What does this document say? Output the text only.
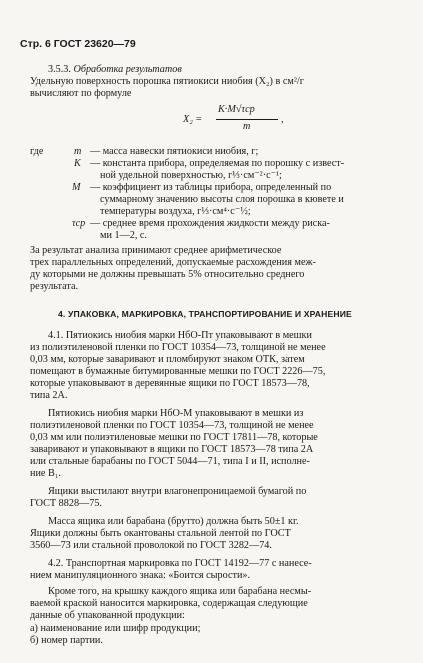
Стр. 6 ГОСТ 23620—79
3.5.3. Обработка результатов
Удельную поверхность порошка пятиокиси ниобия (X₂) в см²/г
вычисляют по формуле
X₂ =
K·M√τср
m
,
где	m — масса навески пятиокиси ниобия, г;
K — константа прибора, определяемая по порошку с извест-
ной удельной поверхностью, г⅓·см⁻²·с⁻¹;
M — коэффициент из таблицы прибора, определенный по
суммарному значению высоты слоя порошка в кювете и
температуры воздуха, г⅓·см⁴·с⁻½;
τср — среднее время прохождения жидкости между риска-
ми 1—2, с.
За результат анализа принимают среднее арифметическое
трех параллельных определений, допускаемые расхождения меж-
ду которыми не должны превышать 5% относительно среднего
результата.
4. УПАКОВКА, МАРКИРОВКА, ТРАНСПОРТИРОВАНИЕ И ХРАНЕНИЕ
4.1. Пятиокись ниобия марки НбО-Пт упаковывают в мешки
из полиэтиленовой пленки по ГОСТ 10354—73, толщиной не менее
0,03 мм, которые заваривают и пломбируют знаком ОТК, затем
помещают в бумажные битумированные мешки по ГОСТ 2226—75,
которые упаковывают в деревянные ящики по ГОСТ 18573—78,
типа 2А.
Пятиокись ниобия марки НбО-М упаковывают в мешки из
полиэтиленовой пленки по ГОСТ 10354—73, толщиной не менее
0,03 мм или полиэтиленовые мешки по ГОСТ 17811—78, которые
заваривают и упаковывают в ящики по ГОСТ 18573—78 типа 2А
или стальные барабаны по ГОСТ 5044—71, типа I и II, исполне-
ние B₁.
Ящики выстилают внутри влагонепроницаемой бумагой по
ГОСТ 8828—75.
Масса ящика или барабана (брутто) должна быть 50±1 кг.
Ящики должны быть окантованы стальной лентой по ГОСТ
3560—73 или стальной проволокой по ГОСТ 3282—74.
4.2. Транспортная маркировка по ГОСТ 14192—77 с нанесе-
нием манипуляционного знака: «Боится сырости».
Кроме того, на крышку каждого ящика или барабана несмы-
ваемой краской наносится маркировка, содержащая следующие
данные об упакованной продукции:
а) наименование или шифр продукции;
б) номер партии.
